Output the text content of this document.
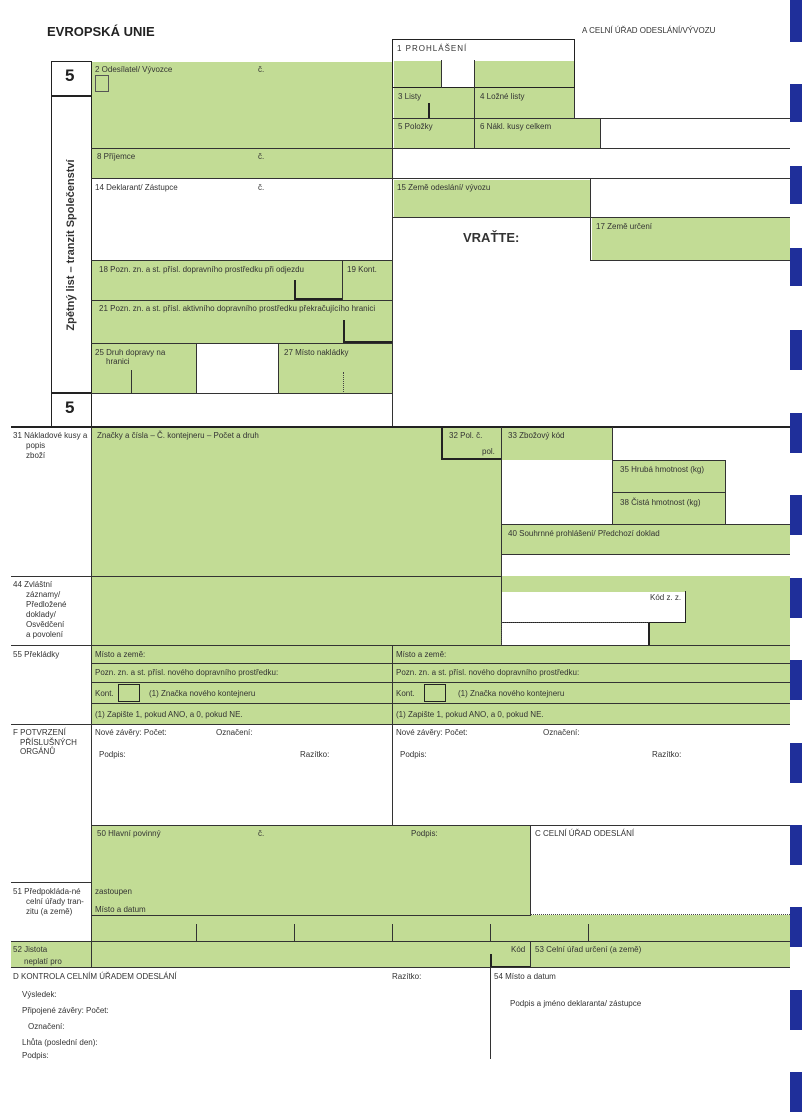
EVROPSKÁ UNIE	A CELNÍ ÚŘAD ODESLÁNÍ/VÝVOZU
5
5
Zpětný list – tranzit Společenství
1 PROHLÁŠENÍ
2 Odesílatel/ Vývozce	č.
3 Listy	4 Ložné listy
5 Položky	6 Nákl. kusy celkem
8 Příjemce	č.
14 Deklarant/ Zástupce	č.	15 Země odeslání/ vývozu
VRAŤTE:
17 Země určení
18 Pozn. zn. a st. přísl. dopravního prostředku při odjezdu	19 Kont.
21 Pozn. zn. a st. přísl. aktivního dopravního prostředku překračujícího hranici
25 Druh dopravy na
hranici
27 Místo nakládky
31 Nákladové kusy a
popis
zboží
Značky a čísla – Č. kontejneru – Počet a druh	32 Pol. č.
pol.
33 Zbožový kód
35 Hrubá hmotnost (kg)
38 Čistá hmotnost (kg)
40 Souhrnné prohlášení/ Předchozí doklad
44 Zvláštní
záznamy/
Předložené
doklady/
Osvědčení
a povolení
Kód z. z.
55 Překládky	Místo a země:	Místo a země:
Pozn. zn. a st. přísl. nového dopravního prostředku:	Pozn. zn. a st. přísl. nového dopravního prostředku:
Kont.	(1) Značka nového kontejneru	Kont.	(1) Značka nového kontejneru
(1) Zapište 1, pokud ANO, a 0, pokud NE.	(1) Zapište 1, pokud ANO, a 0, pokud NE.
F POTVRZENÍ
PŘÍSLUŠNÝCH
ORGÁNŮ
Nové závěry: Počet:	Označení:
Podpis:	Razítko:
Nové závěry: Počet:	Označení:
Podpis:	Razítko:
50 Hlavní povinný	č.	Podpis:	C CELNÍ ÚŘAD ODESLÁNÍ
zastoupen
Místo a datum
51 Předpokláda-né
celní úřady tran-
zitu (a země)
52 Jistota
neplatí pro
Kód 53 Celní úřad určení (a země)
D KONTROLA CELNÍM ÚŘADEM ODESLÁNÍ	Razítko:	54 Místo a datum
Podpis a jméno deklaranta/ zástupce
Výsledek:
Připojené závěry: Počet:
Označení:
Lhůta (poslední den):
Podpis:
